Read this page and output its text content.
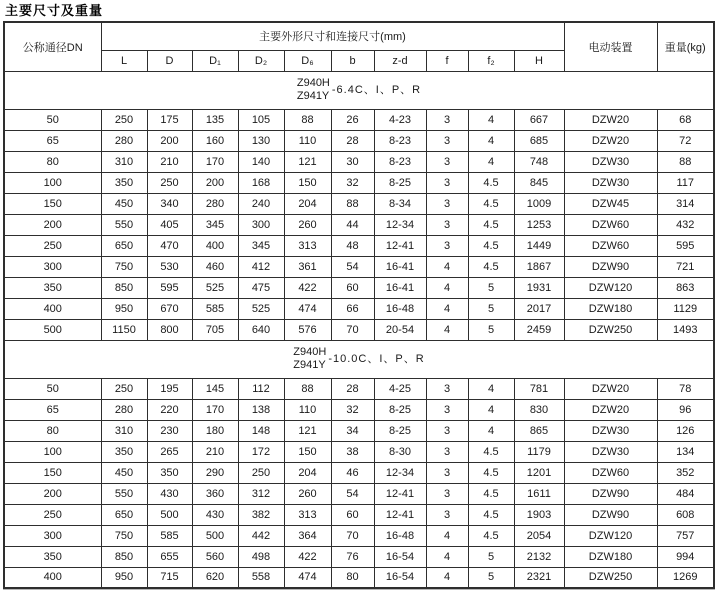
主要尺寸及重量
公称通径DN	主要外形尺寸和连接尺寸(mm)										电动装置	重量(kg)
	L	D	D₁	D₂	D₆	b	z-d	f	f₂	H		

Z940H
Z941Y
-6.4C、I、P、R												

50	250	175	135	105	88	26	4-23	3	4	667	DZW20	68
65	280	200	160	130	110	28	8-23	3	4	685	DZW20	72
80	310	210	170	140	121	30	8-23	3	4	748	DZW30	88
100	350	250	200	168	150	32	8-25	3	4.5	845	DZW30	117
150	450	340	280	240	204	88	8-34	3	4.5	1009	DZW45	314
200	550	405	345	300	260	44	12-34	3	4.5	1253	DZW60	432
250	650	470	400	345	313	48	12-41	3	4.5	1449	DZW60	595
300	750	530	460	412	361	54	16-41	4	4.5	1867	DZW90	721
350	850	595	525	475	422	60	16-41	4	5	1931	DZW120	863
400	950	670	585	525	474	66	16-48	4	5	2017	DZW180	1129
500	1150	800	705	640	576	70	20-54	4	5	2459	DZW250	1493

Z940H
Z941Y
-10.0C、I、P、R												

50	250	195	145	112	88	28	4-25	3	4	781	DZW20	78
65	280	220	170	138	110	32	8-25	3	4	830	DZW20	96
80	310	230	180	148	121	34	8-25	3	4	865	DZW30	126
100	350	265	210	172	150	38	8-30	3	4.5	1179	DZW30	134
150	450	350	290	250	204	46	12-34	3	4.5	1201	DZW60	352
200	550	430	360	312	260	54	12-41	3	4.5	1611	DZW90	484
250	650	500	430	382	313	60	12-41	3	4.5	1903	DZW90	608
300	750	585	500	442	364	70	16-48	4	4.5	2054	DZW120	757
350	850	655	560	498	422	76	16-54	4	5	2132	DZW180	994
400	950	715	620	558	474	80	16-54	4	5	2321	DZW250	1269
